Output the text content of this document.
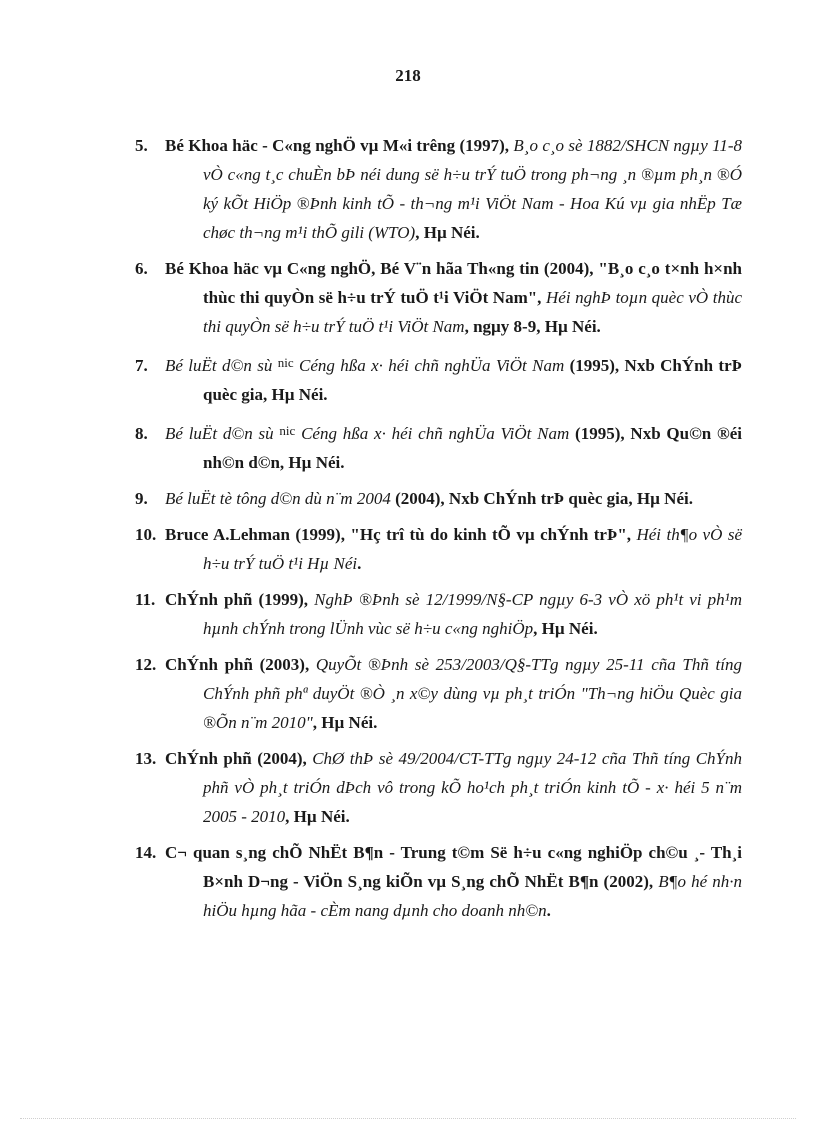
218
5. Bé Khoa häc - C«ng nghÖ vµ M«i trêng (1997), B¸o c¸o sè 1882/SHCN ngµy 11-8 vÒ c«ng t¸c chuÈn bÞ néi dung së h÷u trÝ tuÖ trong ph¬ng ¸n ®µm ph¸n ®Ó ký kÕt HiÖp ®Þnh kinh tÕ - th¬ng m¹i ViÖt Nam - Hoa Kú vµ gia nhËp Tæ chøc th¬ng m¹i thÕ gili (WTO), Hµ Néi.
6. Bé Khoa häc vµ C«ng nghÖ, Bé V¨n hãa Th«ng tin (2004), "B¸o c¸o t×nh h×nh thùc thi quyÒn së h÷u trÝ tuÖ t¹i ViÖt Nam", Héi nghÞ toµn quèc vÒ thùc thi quyÒn së h÷u trÝ tuÖ t¹i ViÖt Nam, ngµy 8-9, Hµ Néi.
7. Bé luËt d©n sù $^{nic}$ Céng hßa x· héi chñ nghÜa ViÖt Nam (1995), Nxb ChÝnh trÞ quèc gia, Hµ Néi.
8. Bé luËt d©n sù $^{nic}$ Céng hßa x· héi chñ nghÜa ViÖt Nam (1995), Nxb Qu©n ®éi nh©n d©n, Hµ Néi.
9. Bé luËt tè tông d©n dù n¨m 2004 (2004), Nxb ChÝnh trÞ quèc gia, Hµ Néi.
10. Bruce A.Lehman (1999), "Hç trî tù do kinh tÕ vµ chÝnh trÞ", Héi th¶o vÒ së h÷u trÝ tuÖ t¹i Hµ Néi.
11. ChÝnh phñ (1999), NghÞ ®Þnh sè 12/1999/N§-CP ngµy 6-3 vÒ xö ph¹t vi ph¹m hµnh chÝnh trong lÜnh vùc së h÷u c«ng nghiÖp, Hµ Néi.
12. ChÝnh phñ (2003), QuyÕt ®Þnh sè 253/2003/Q§-TTg ngµy 25-11 cña Thñ tíng ChÝnh phñ phª duyÖt ®Ò ¸n x©y dùng vµ ph¸t triÓn "Th¬ng hiÖu Quèc gia ®Õn n¨m 2010", Hµ Néi.
13. ChÝnh phñ (2004), ChØ thÞ sè 49/2004/CT-TTg ngµy 24-12 cña Thñ tíng ChÝnh phñ vÒ ph¸t triÓn dÞch vô trong kÕ ho¹ch ph¸t triÓn kinh tÕ - x· héi 5 n¨m 2005 - 2010, Hµ Néi.
14. C¬ quan s¸ng chÕ NhËt B¶n - Trung t©m Së h÷u c«ng nghiÖp ch©u ¸- Th¸i B×nh D¬ng - ViÖn S¸ng kiÕn vµ S¸ng chÕ NhËt B¶n (2002), B¶o hé nh·n hiÖu hµng hãa - cÈm nang dµnh cho doanh nh©n.
